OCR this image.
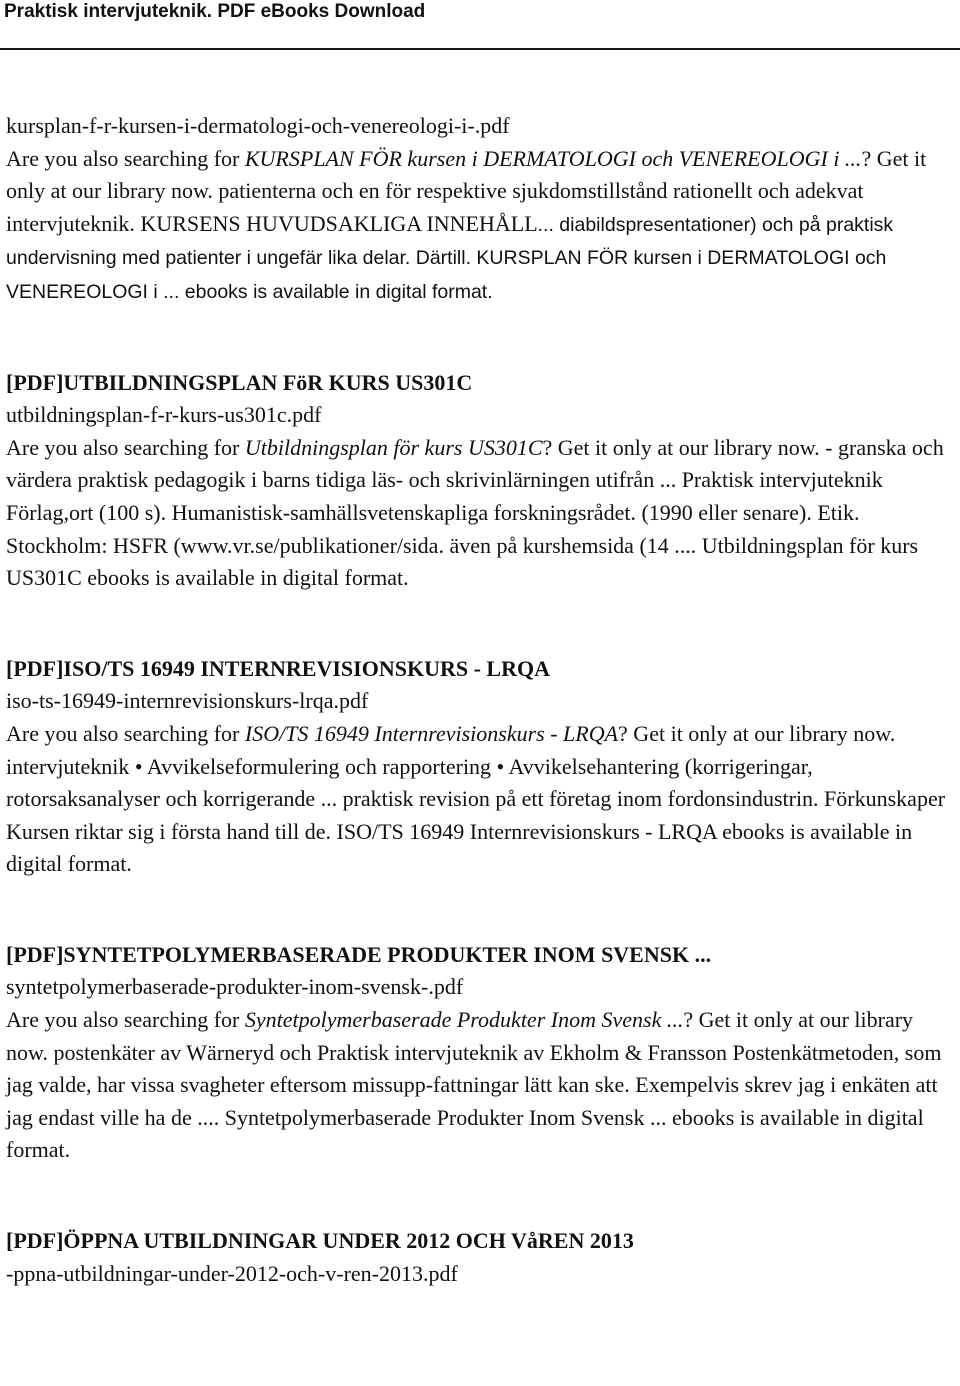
Praktisk intervjuteknik. PDF eBooks Download

kursplan-f-r-kursen-i-dermatologi-och-venereologi-i-.pdf

Are you also searching for KURSPLAN FÖR kursen i DERMATOLOGI och VENEREOLOGI i ...? Get it only at our library now. patienterna och en för respektive sjukdomstillstånd rationellt och adekvat intervjuteknik. KURSENS HUVUDSAKLIGA INNEHÅLL... diabildspresentationer) och på praktisk undervisning med patienter i ungefär lika delar. Därtill. KURSPLAN FÖR kursen i DERMATOLOGI och VENEREOLOGI i ... ebooks is available in digital format.

[PDF]UTBILDNINGSPLAN FöR KURS US301C

utbildningsplan-f-r-kurs-us301c.pdf

Are you also searching for Utbildningsplan för kurs US301C? Get it only at our library now. - granska och värdera praktisk pedagogik i barns tidiga läs- och skrivinlärningen utifrån ... Praktisk intervjuteknik Förlag,ort (100 s). Humanistisk-samhällsvetenskapliga forskningsrådet. (1990 eller senare). Etik. Stockholm: HSFR (www.vr.se/publikationer/sida. även på kurshemsida (14 .... Utbildningsplan för kurs US301C ebooks is available in digital format.

[PDF]ISO/TS 16949 INTERNREVISIONSKURS - LRQA

iso-ts-16949-internrevisionskurs-lrqa.pdf

Are you also searching for ISO/TS 16949 Internrevisionskurs - LRQA? Get it only at our library now. intervjuteknik • Avvikelseformulering och rapportering • Avvikelsehantering (korrigeringar, rotorsaksanalyser och korrigerande ... praktisk revision på ett företag inom fordonsindustrin. Förkunskaper Kursen riktar sig i första hand till de. ISO/TS 16949 Internrevisionskurs - LRQA ebooks is available in digital format.

[PDF]SYNTETPOLYMERBASERADE PRODUKTER INOM SVENSK ...

syntetpolymerbaserade-produkter-inom-svensk-.pdf

Are you also searching for Syntetpolymerbaserade Produkter Inom Svensk ...? Get it only at our library now. postenkäter av Wärneryd och Praktisk intervjuteknik av Ekholm & Fransson Postenkätmetoden, som jag valde, har vissa svagheter eftersom missupp-fattningar lätt kan ske. Exempelvis skrev jag i enkäten att jag endast ville ha de .... Syntetpolymerbaserade Produkter Inom Svensk ... ebooks is available in digital format.

[PDF]ÖPPNA UTBILDNINGAR UNDER 2012 OCH VåREN 2013

-ppna-utbildningar-under-2012-och-v-ren-2013.pdf
